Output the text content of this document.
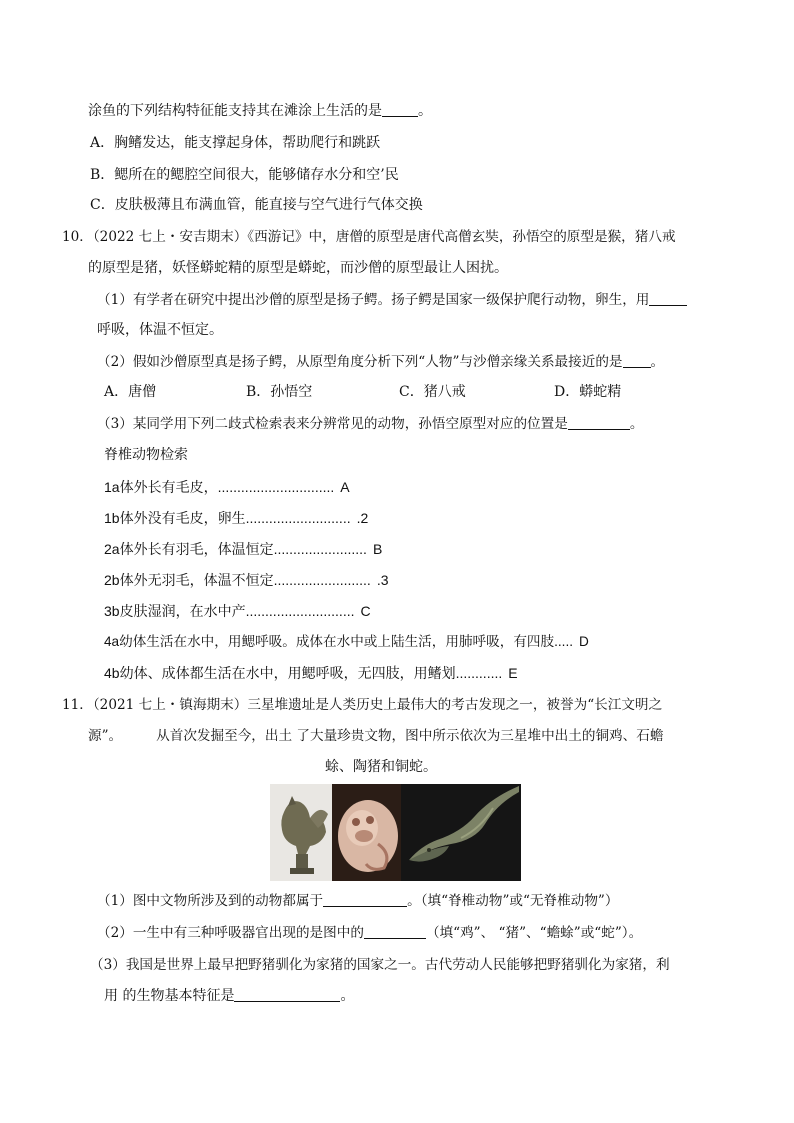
涂鱼的下列结构特征能支持其在滩涂上生活的是	。
A．胸鳍发达，能支撑起身体，帮助爬行和跳跃
B．鳃所在的鳃腔空间很大，能够储存水分和空’民
C．皮肤极薄且布满血管，能直接与空气进行气体交换
10．（2022 七上・安吉期末）《西游记》中，唐僧的原型是唐代高僧玄奘，孙悟空的原型是猴，猪八戒
的原型是猪，妖怪蟒蛇精的原型是蟒蛇，而沙僧的原型最让人困扰。
（1）有学者在研究中提出沙僧的原型是扬子鳄。扬子鳄是国家一级保护爬行动物，卵生，用
呼吸，体温不恒定。
（2）假如沙僧原型真是扬子鳄，从原型角度分析下列“人物”与沙僧亲缘关系最接近的是 。
A．唐僧	B．孙悟空	C．猪八戒	D．蟒蛇精
（3）某同学用下列二歧式检索表来分辨常见的动物，孙悟空原型对应的位置是	。
脊椎动物检索
1a体外长有毛皮，.............................. A
1b体外没有毛皮，卵生........................... .2
2a体外长有羽毛，体温恒定........................ B
2b体外无羽毛，体温不恒定......................... .3
3b皮肤湿润，在水中产............................ C
4a幼体生活在水中，用鳃呼吸。成体在水中或上陆生活，用肺呼吸，有四肢..... D
4b幼体、成体都生活在水中，用鳃呼吸，无四肢，用鳍划............ E
11．（2021 七上・镇海期末）三星堆遗址是人类历史上最伟大的考古发现之一，被誉为“长江文明之
源”。	从首次发掘至今，出土 了大量珍贵文物，图中所示依次为三星堆中出土的铜鸡、石蟾
蜍、陶猪和铜蛇。
（1）图中文物所涉及到的动物都属于	。（填“脊椎动物”或“无脊椎动物”）
（2）一生中有三种呼吸器官出现的是图中的	（填“鸡”、 “猪”、“蟾蜍”或“蛇”）。
（3）我国是世界上最早把野猪驯化为家猪的国家之一。古代劳动人民能够把野猪驯化为家猪，利
用 的生物基本特征是	。
